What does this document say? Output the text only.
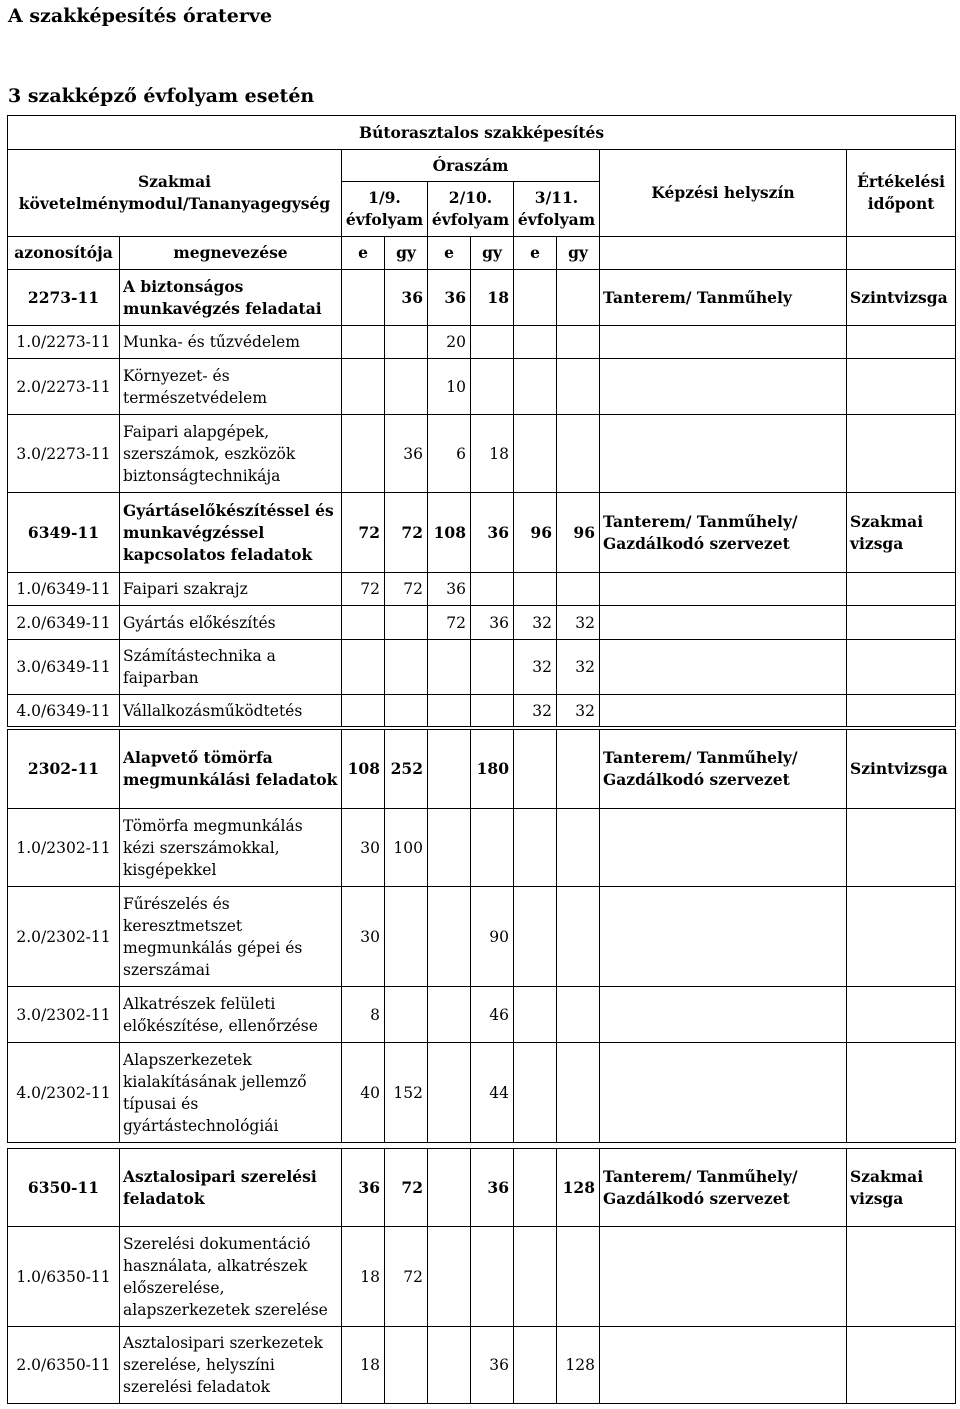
A szakképesítés óraterve
3 szakképző évfolyam esetén
Bútorasztalos szakképesítés									
Szakmai követelménymodul/Tananyagegység		Óraszám						Képzési helyszín	Értékelési időpont
		1/9. évfolyam		2/10. évfolyam		3/11. évfolyam			
azonosítója	megnevezése	e	gy	e	gy	e	gy		
2273-11	A biztonságos munkavégzés feladatai		36	36	18			Tanterem/ Tanműhely	Szintvizsga
1.0/2273-11	Munka- és tűzvédelem			20					
2.0/2273-11	Környezet- és természetvédelem			10					
3.0/2273-11	Faipari alapgépek, szerszámok, eszközök biztonságtechnikája		36	6	18				
6349-11	Gyártáselőkészítéssel és munkavégzéssel kapcsolatos feladatok	72	72	108	36	96	96	Tanterem/ Tanműhely/ Gazdálkodó szervezet	Szakmai vizsga
1.0/6349-11	Faipari szakrajz	72	72	36					
2.0/6349-11	Gyártás előkészítés			72	36	32	32		
3.0/6349-11	Számítástechnika a faiparban					32	32		
4.0/6349-11	Vállalkozásműködtetés					32	32		
2302-11	Alapvető tömörfa megmunkálási feladatok	108	252		180			Tanterem/ Tanműhely/ Gazdálkodó szervezet	Szintvizsga
1.0/2302-11	Tömörfa megmunkálás kézi szerszámokkal, kisgépekkel	30	100						
2.0/2302-11	Fűrészelés és keresztmetszet megmunkálás gépei és szerszámai	30			90				
3.0/2302-11	Alkatrészek felületi előkészítése, ellenőrzése	8			46				
4.0/2302-11	Alapszerkezetek kialakításának jellemző típusai és gyártástechnológiái	40	152		44				
6350-11	Asztalosipari szerelési feladatok	36	72		36		128	Tanterem/ Tanműhely/ Gazdálkodó szervezet	Szakmai vizsga
1.0/6350-11	Szerelési dokumentáció használata, alkatrészek előszerelése, alapszerkezetek szerelése	18	72						
2.0/6350-11	Asztalosipari szerkezetek szerelése, helyszíni szerelési feladatok	18			36		128		
